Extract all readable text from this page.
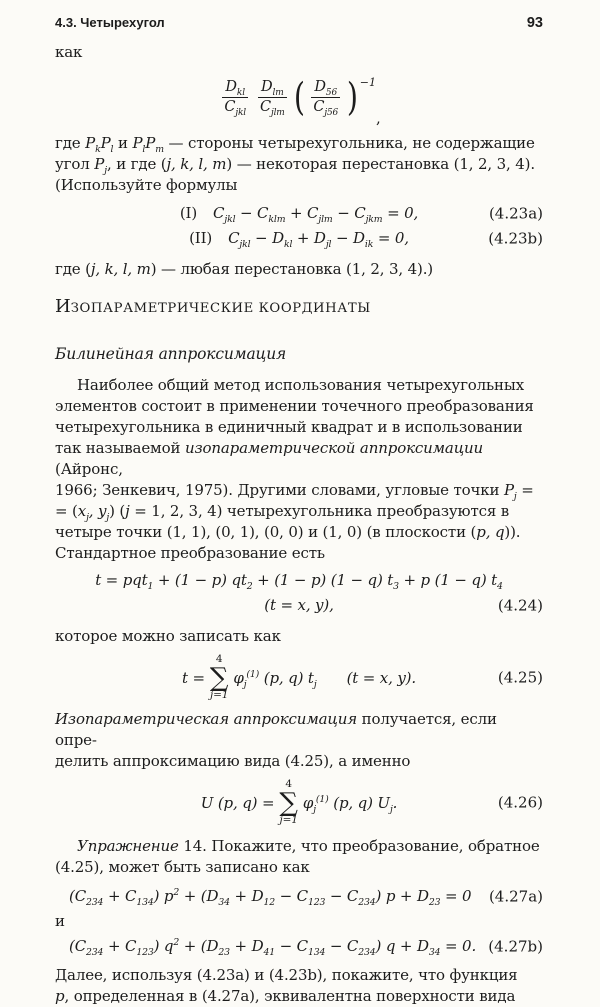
4.3. Четырехугол	93

как

$\frac{D_{kl}}{C_{jkl}} \frac{D_{lm}}{C_{jlm}}$ ( $\frac{D_{56}}{C_{j56}}$ ) −1
,

где $P_kP_l$ и $P_lP_m$ — стороны четырехугольника, не содержащие
угол $P_j$, и где (j, k, l, m) — некоторая перестановка (1, 2, 3, 4).
(Используйте формулы

(I) $C_{jkl} - C_{klm} + C_{jlm} - C_{jkm} = 0$,	(4.23a)
(II) $C_{jkl} - D_{kl} + D_{jl} - D_{ik} = 0$,	(4.23b)

где (j, k, l, m) — любая перестановка (1, 2, 3, 4).)

ИЗОПАРАМЕТРИЧЕСКИЕ КООРДИНАТЫ
Билинейная аппроксимация

Наиболее общий метод использования четырехугольных
элементов состоит в применении точечного преобразования
четырехугольника в единичный квадрат и в использовании
так называемой изопараметрической аппроксимации (Айронс,
1966; Зенкевич, 1975). Другими словами, угловые точки $P_j$ =
= ($x_j$, $y_j$) (j = 1, 2, 3, 4) четырехугольника преобразуются в
четыре точки (1, 1), (0, 1), (0, 0) и (1, 0) (в плоскости (p, q)).
Стандартное преобразование есть

t = pqt$_1$ + (1 − p) $qt_2 + (1 - p) (1 - q) t_3 + p$ (1 − q) $t_4$
(t = x, y),	(4.24)

которое можно записать как

t =
4
∑
j=1
$\varphi_j^{(1)}$ (p, q) $t_j$ (t = x, y).	(4.25)

Изопараметрическая аппроксимация получается, если опре-
делить аппроксимацию вида (4.25), а именно

U (p, q) =
4
∑
j=1
$\varphi_j^{(1)}$ (p, q) $U_j$.	(4.26)

Упражнение 14. Покажите, что преобразование, обратное
(4.25), может быть записано как

$(C_{234} + C_{134}) p^2 + (D_{34} + D_{12} - C_{123} - C_{234}) p + D_{23} = 0$ (4.27a)

и

$(C_{234} + C_{123}) q^2 + (D_{23} + D_{41} - C_{134} - C_{234}) q + D_{34} = 0$. (4.27b)

Далее, используя (4.23a) и (4.23b), покажите, что функция
p, определенная в (4.27a), эквивалентна поверхности вида
